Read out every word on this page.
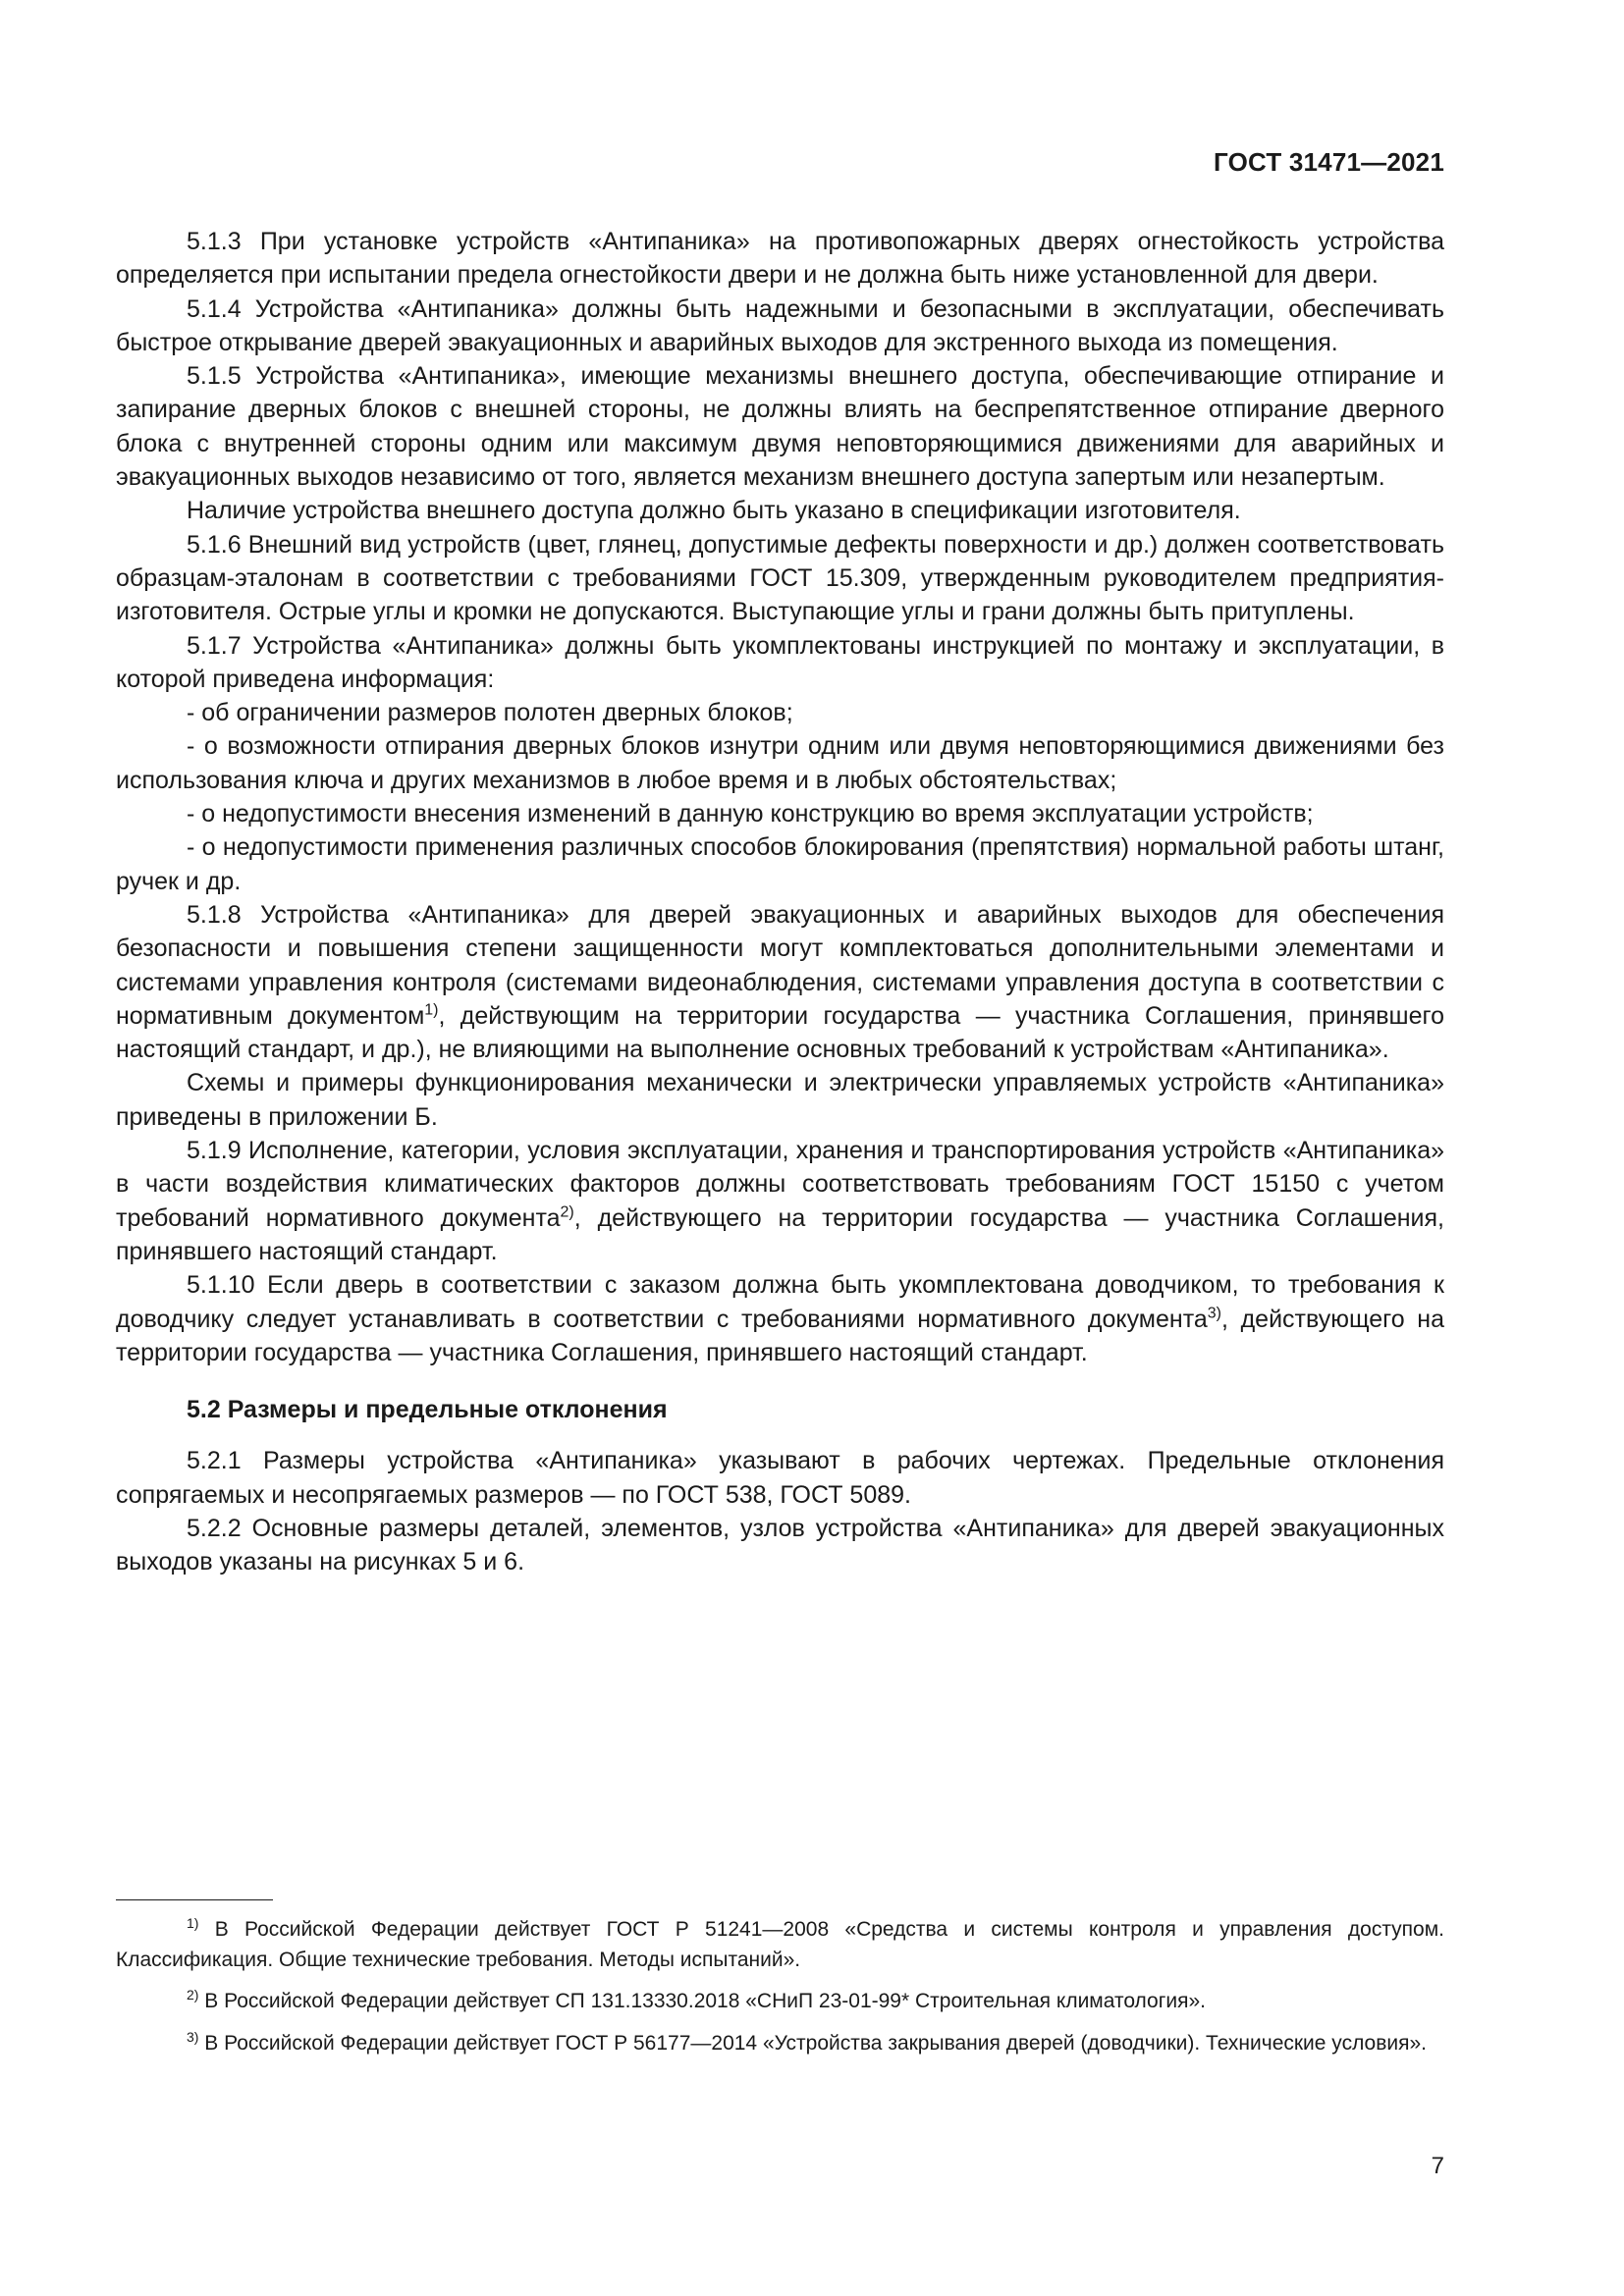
ГОСТ 31471—2021

5.1.3 При установке устройств «Антипаника» на противопожарных дверях огнестойкость устройства определяется при испытании предела огнестойкости двери и не должна быть ниже установленной для двери.

5.1.4 Устройства «Антипаника» должны быть надежными и безопасными в эксплуатации, обеспечивать быстрое открывание дверей эвакуационных и аварийных выходов для экстренного выхода из помещения.

5.1.5 Устройства «Антипаника», имеющие механизмы внешнего доступа, обеспечивающие отпирание и запирание дверных блоков с внешней стороны, не должны влиять на беспрепятственное отпирание дверного блока с внутренней стороны одним или максимум двумя неповторяющимися движениями для аварийных и эвакуационных выходов независимо от того, является механизм внешнего доступа запертым или незапертым.

Наличие устройства внешнего доступа должно быть указано в спецификации изготовителя.

5.1.6 Внешний вид устройств (цвет, глянец, допустимые дефекты поверхности и др.) должен соответствовать образцам-эталонам в соответствии с требованиями ГОСТ 15.309, утвержденным руководителем предприятия-изготовителя. Острые углы и кромки не допускаются. Выступающие углы и грани должны быть притуплены.

5.1.7 Устройства «Антипаника» должны быть укомплектованы инструкцией по монтажу и эксплуатации, в которой приведена информация:

- об ограничении размеров полотен дверных блоков;

- о возможности отпирания дверных блоков изнутри одним или двумя неповторяющимися движениями без использования ключа и других механизмов в любое время и в любых обстоятельствах;

- о недопустимости внесения изменений в данную конструкцию во время эксплуатации устройств;

- о недопустимости применения различных способов блокирования (препятствия) нормальной работы штанг, ручек и др.

5.1.8 Устройства «Антипаника» для дверей эвакуационных и аварийных выходов для обеспечения безопасности и повышения степени защищенности могут комплектоваться дополнительными элементами и системами управления контроля (системами видеонаблюдения, системами управления доступа в соответствии с нормативным документом$^{1)}$, действующим на территории государства — участника Соглашения, принявшего настоящий стандарт, и др.), не влияющими на выполнение основных требований к устройствам «Антипаника».

Схемы и примеры функционирования механически и электрически управляемых устройств «Антипаника» приведены в приложении Б.

5.1.9 Исполнение, категории, условия эксплуатации, хранения и транспортирования устройств «Антипаника» в части воздействия климатических факторов должны соответствовать требованиям ГОСТ 15150 с учетом требований нормативного документа$^{2)}$, действующего на территории государства — участника Соглашения, принявшего настоящий стандарт.

5.1.10 Если дверь в соответствии с заказом должна быть укомплектована доводчиком, то требования к доводчику следует устанавливать в соответствии с требованиями нормативного документа$^{3)}$, действующего на территории государства — участника Соглашения, принявшего настоящий стандарт.

5.2 Размеры и предельные отклонения

5.2.1 Размеры устройства «Антипаника» указывают в рабочих чертежах. Предельные отклонения сопрягаемых и несопрягаемых размеров — по ГОСТ 538, ГОСТ 5089.

5.2.2 Основные размеры деталей, элементов, узлов устройства «Антипаника» для дверей эвакуационных выходов указаны на рисунках 5 и 6.

$^{1)}$ В Российской Федерации действует ГОСТ Р 51241—2008 «Средства и системы контроля и управления доступом. Классификация. Общие технические требования. Методы испытаний».

$^{2)}$ В Российской Федерации действует СП 131.13330.2018 «СНиП 23-01-99* Строительная климатология».

$^{3)}$ В Российской Федерации действует ГОСТ Р 56177—2014 «Устройства закрывания дверей (доводчики). Технические условия».

7
